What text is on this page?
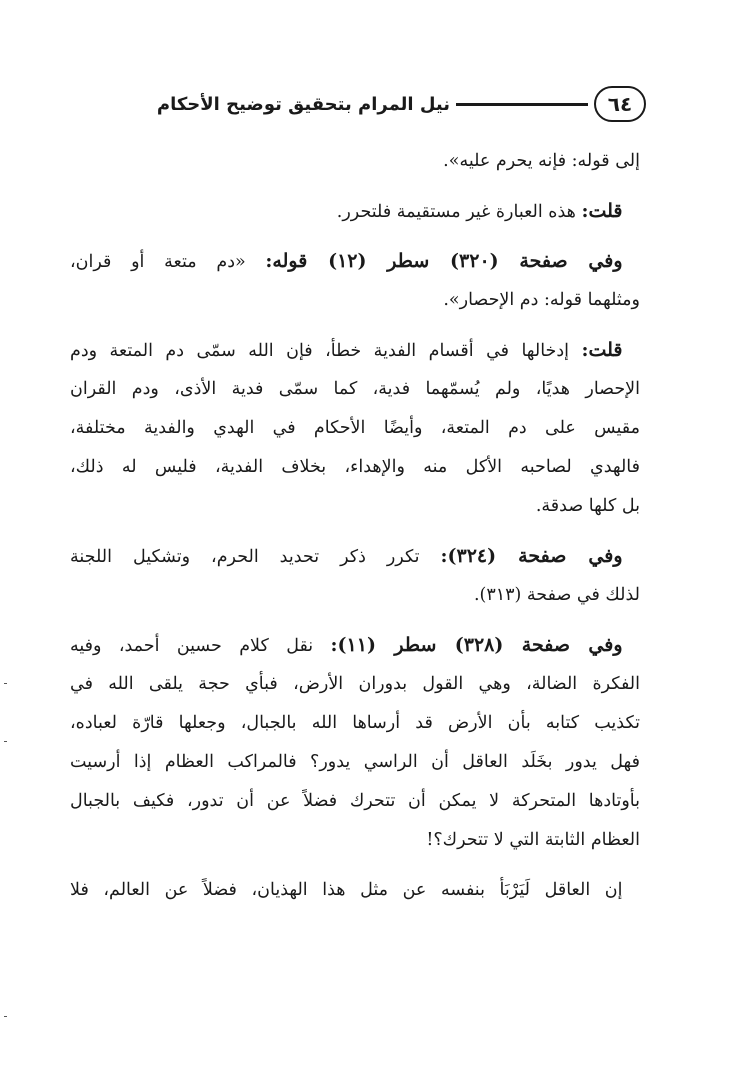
٦٤
نيل المرام بتحقيق توضيح الأحكام
إلى قوله: فإنه يحرم عليه».
 قلت: هذه العبارة غير مستقيمة فلتحرر.
 وفي صفحة (٣٢٠) سطر (١٢) قوله: «دم متعة أو قران،
ومثلهما قوله: دم الإحصار».
 قلت: إدخالها في أقسام الفدية خطأ، فإن الله سمّى دم المتعة ودم
الإحصار هديًا، ولم يُسمّهما فدية، كما سمّى فدية الأذى، ودم القران
مقيس على دم المتعة، وأيضًا الأحكام في الهدي والفدية مختلفة،
فالهدي لصاحبه الأكل منه والإهداء، بخلاف الفدية، فليس له ذلك،
بل كلها صدقة.
 وفي صفحة (٣٢٤): تكرر ذكر تحديد الحرم، وتشكيل اللجنة
لذلك في صفحة (٣١٣).
 وفي صفحة (٣٢٨) سطر (١١): نقل كلام حسين أحمد، وفيه
الفكرة الضالة، وهي القول بدوران الأرض، فبأي حجة يلقى الله في
تكذيب كتابه بأن الأرض قد أرساها الله بالجبال، وجعلها قارّة لعباده،
فهل يدور بخَلَد العاقل أن الراسي يدور؟ فالمراكب العظام إذا أرسيت
بأوتادها المتحركة لا يمكن أن تتحرك فضلاً عن أن تدور، فكيف بالجبال
العظام الثابتة التي لا تتحرك؟!
 إن العاقل لَيَرْبَأ بنفسه عن مثل هذا الهذيان، فضلاً عن العالم، فلا
